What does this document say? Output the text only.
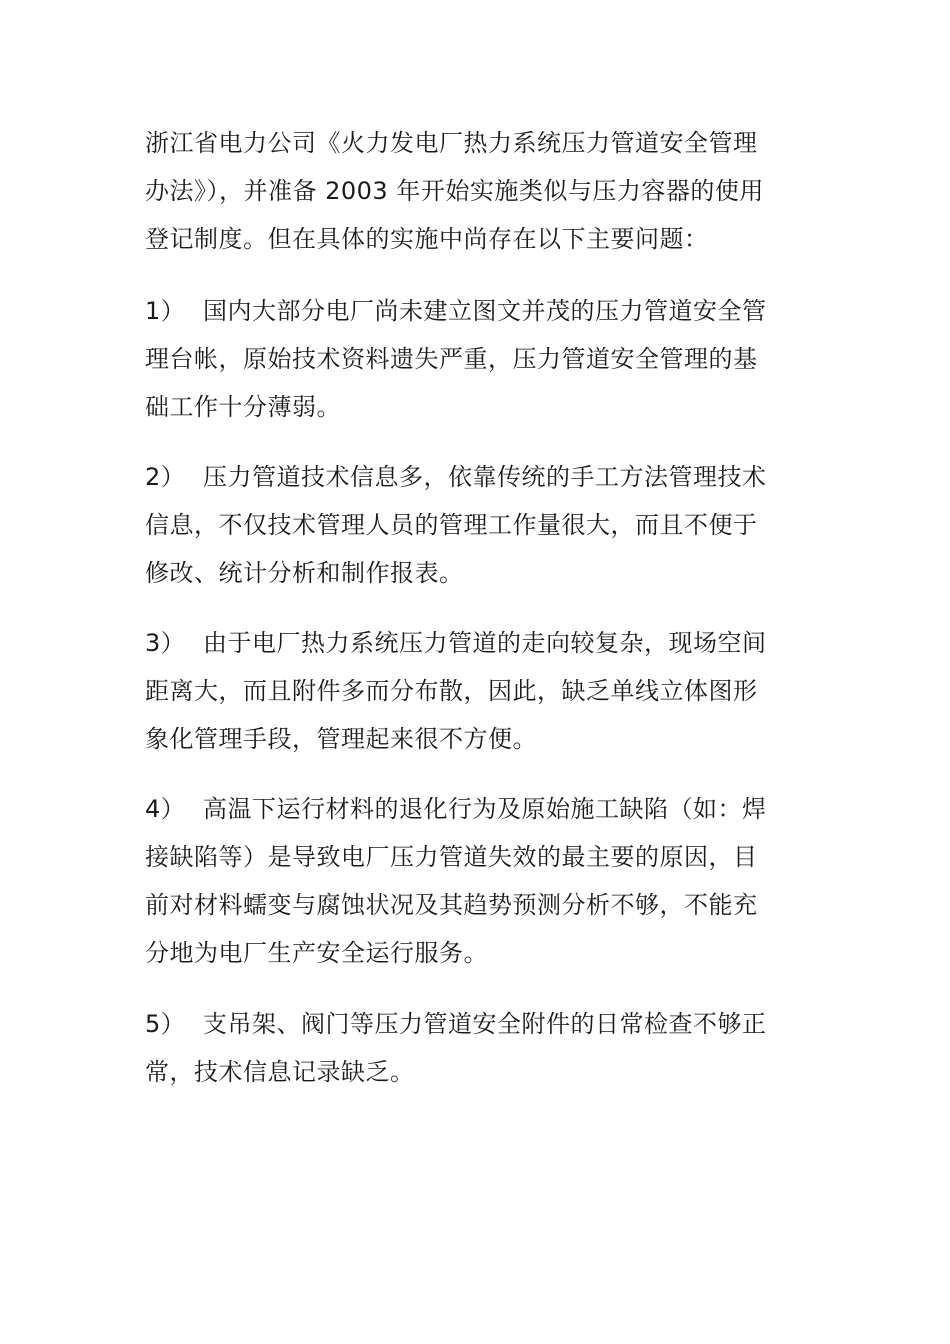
浙江省电力公司《火力发电厂热力系统压力管道安全管理
办法》），并准备 2003 年开始实施类似与压力容器的使用
登记制度。但在具体的实施中尚存在以下主要问题：
1） 国内大部分电厂尚未建立图文并茂的压力管道安全管
理台帐，原始技术资料遗失严重，压力管道安全管理的基
础工作十分薄弱。
2） 压力管道技术信息多，依靠传统的手工方法管理技术
信息，不仅技术管理人员的管理工作量很大，而且不便于
修改、统计分析和制作报表。
3） 由于电厂热力系统压力管道的走向较复杂，现场空间
距离大，而且附件多而分布散，因此，缺乏单线立体图形
象化管理手段，管理起来很不方便。
4） 高温下运行材料的退化行为及原始施工缺陷（如：焊
接缺陷等）是导致电厂压力管道失效的最主要的原因，目
前对材料蠕变与腐蚀状况及其趋势预测分析不够，不能充
分地为电厂生产安全运行服务。
5） 支吊架、阀门等压力管道安全附件的日常检查不够正
常，技术信息记录缺乏。
